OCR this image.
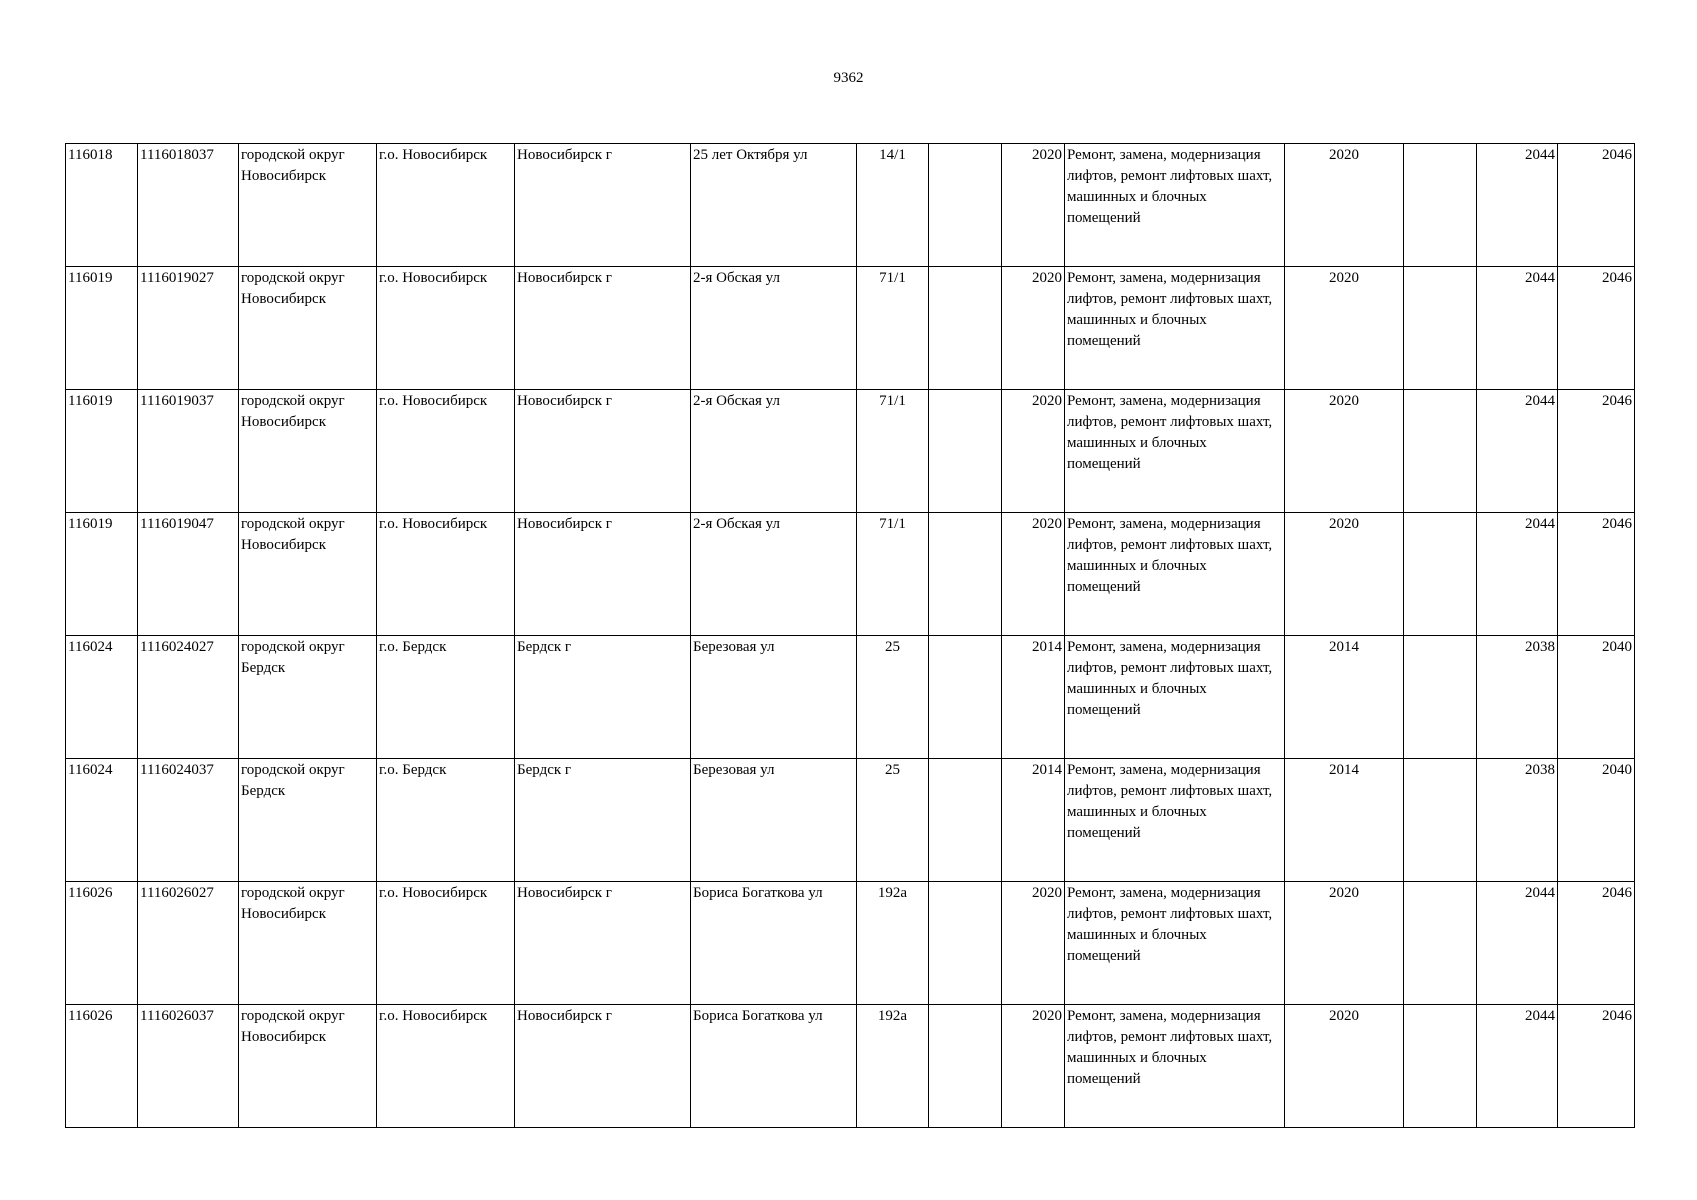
9362
116018	1116018037	городской округ Новосибирск	г.о. Новосибирск	Новосибирск г	25 лет Октября ул	14/1		2020	Ремонт, замена, модернизация лифтов, ремонт лифтовых шахт, машинных и блочных помещений	2020		2044	2046
116019	1116019027	городской округ Новосибирск	г.о. Новосибирск	Новосибирск г	2-я Обская ул	71/1		2020	Ремонт, замена, модернизация лифтов, ремонт лифтовых шахт, машинных и блочных помещений	2020		2044	2046
116019	1116019037	городской округ Новосибирск	г.о. Новосибирск	Новосибирск г	2-я Обская ул	71/1		2020	Ремонт, замена, модернизация лифтов, ремонт лифтовых шахт, машинных и блочных помещений	2020		2044	2046
116019	1116019047	городской округ Новосибирск	г.о. Новосибирск	Новосибирск г	2-я Обская ул	71/1		2020	Ремонт, замена, модернизация лифтов, ремонт лифтовых шахт, машинных и блочных помещений	2020		2044	2046
116024	1116024027	городской округ Бердск	г.о. Бердск	Бердск г	Березовая ул	25		2014	Ремонт, замена, модернизация лифтов, ремонт лифтовых шахт, машинных и блочных помещений	2014		2038	2040
116024	1116024037	городской округ Бердск	г.о. Бердск	Бердск г	Березовая ул	25		2014	Ремонт, замена, модернизация лифтов, ремонт лифтовых шахт, машинных и блочных помещений	2014		2038	2040
116026	1116026027	городской округ Новосибирск	г.о. Новосибирск	Новосибирск г	Бориса Богаткова ул	192а		2020	Ремонт, замена, модернизация лифтов, ремонт лифтовых шахт, машинных и блочных помещений	2020		2044	2046
116026	1116026037	городской округ Новосибирск	г.о. Новосибирск	Новосибирск г	Бориса Богаткова ул	192а		2020	Ремонт, замена, модернизация лифтов, ремонт лифтовых шахт, машинных и блочных помещений	2020		2044	2046
